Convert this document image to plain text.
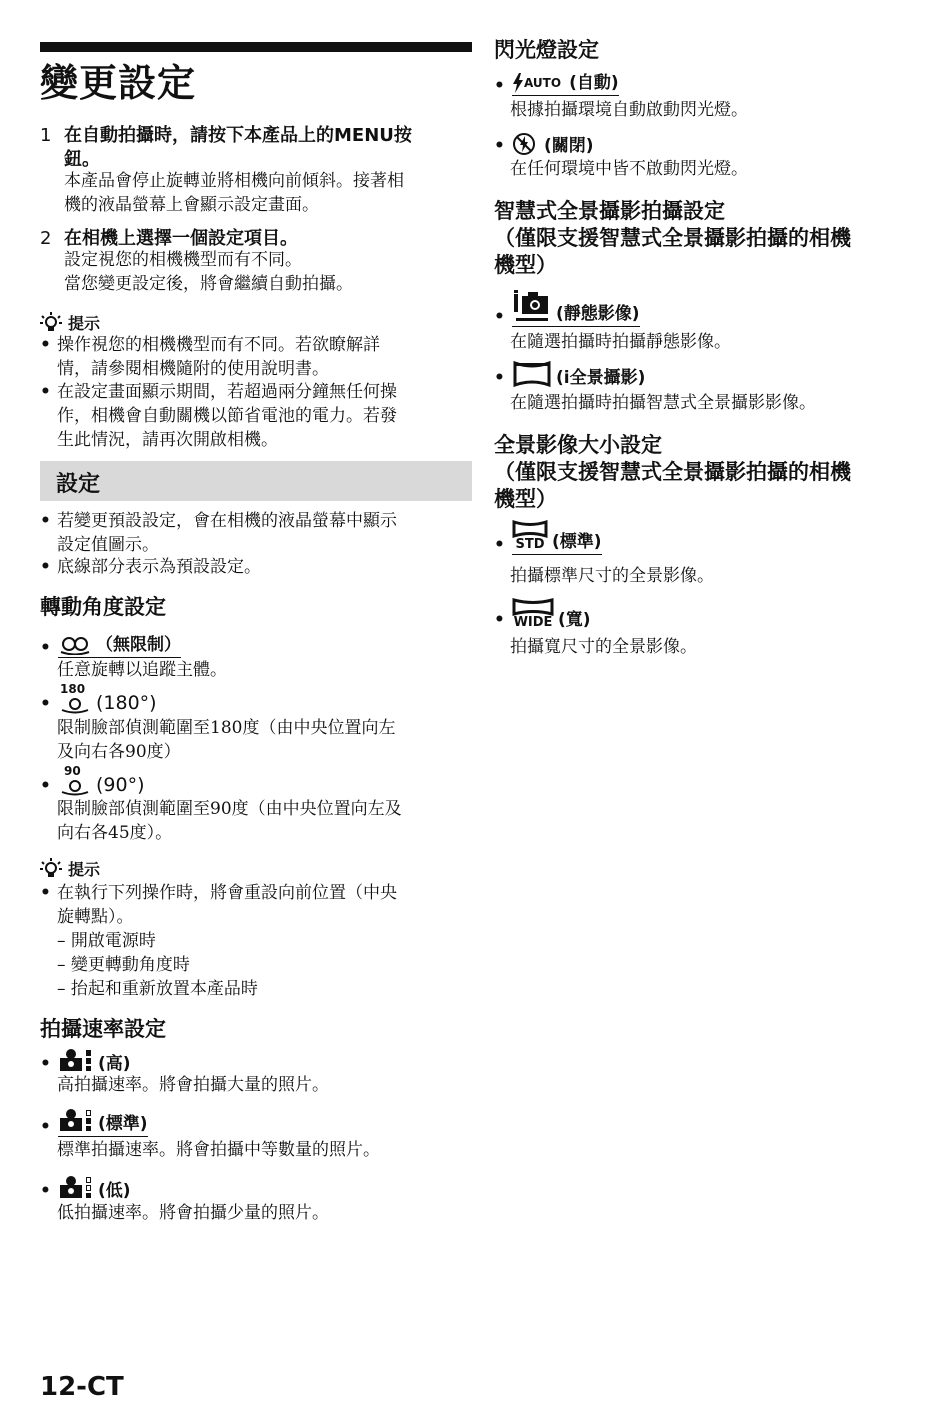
變更設定
1 在自動拍攝時，請按下本產品上的MENU按
鈕。
本產品會停止旋轉並將相機向前傾斜。接著相
機的液晶螢幕上會顯示設定畫面。
2 在相機上選擇一個設定項目。
設定視您的相機機型而有不同。
當您變更設定後，將會繼續自動拍攝。
提示
• 操作視您的相機機型而有不同。若欲瞭解詳
情，請參閱相機隨附的使用說明書。
• 在設定畫面顯示期間，若超過兩分鐘無任何操
作，相機會自動關機以節省電池的電力。若發
生此情況，請再次開啟相機。
設定
• 若變更預設設定，會在相機的液晶螢幕中顯示
設定值圖示。
• 底線部分表示為預設設定。
轉動角度設定
•	（無限制）
任意旋轉以追蹤主體。
•
180
(180°)
限制臉部偵測範圍至180度（由中央位置向左
及向右各90度）
•
90
(90°)
限制臉部偵測範圍至90度（由中央位置向左及
向右各45度）。
提示
• 在執行下列操作時，將會重設向前位置（中央
旋轉點）。
– 開啟電源時
– 變更轉動角度時
– 抬起和重新放置本產品時
拍攝速率設定
•	(高)
高拍攝速率。將會拍攝大量的照片。
•	(標準)
標準拍攝速率。將會拍攝中等數量的照片。
•	(低)
低拍攝速率。將會拍攝少量的照片。
12-CT
閃光燈設定
• AUTO (自動)
根據拍攝環境自動啟動閃光燈。
• (關閉)
在任何環境中皆不啟動閃光燈。
智慧式全景攝影拍攝設定
（僅限支援智慧式全景攝影拍攝的相機
機型）
•	(靜態影像)
在隨選拍攝時拍攝靜態影像。
•	(i全景攝影)
在隨選拍攝時拍攝智慧式全景攝影影像。
全景影像大小設定
（僅限支援智慧式全景攝影拍攝的相機
機型）
• STD (標準)
拍攝標準尺寸的全景影像。
• WIDE (寬)
拍攝寬尺寸的全景影像。
